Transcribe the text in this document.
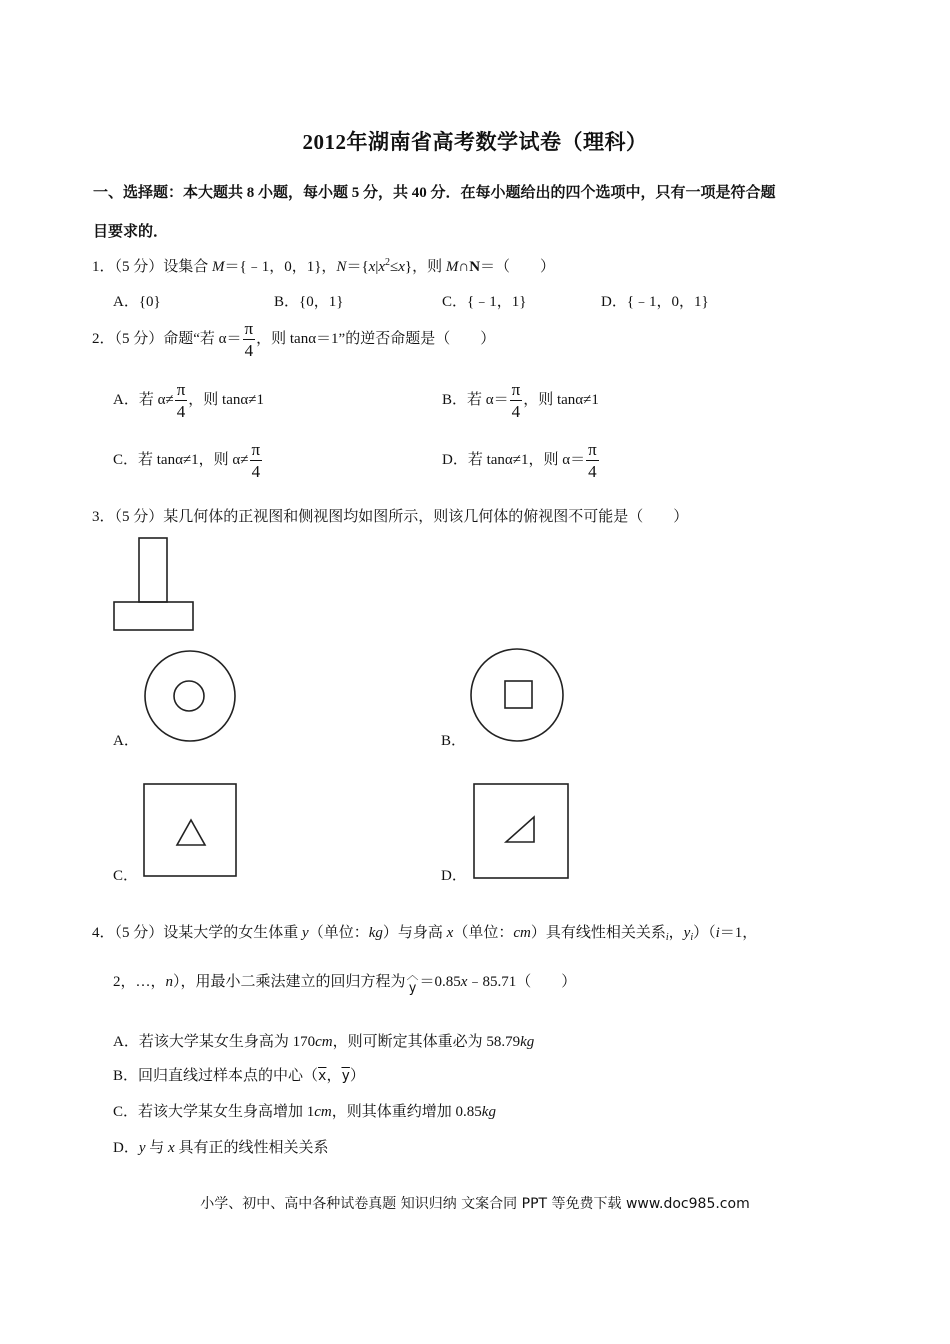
2012年湖南省高考数学试卷（理科）
一、选择题：本大题共 8 小题，每小题 5 分，共 40 分．在每小题给出的四个选项中，只有一项是符合题
目要求的．
1．（5 分）设集合 M＝{﹣1，0，1}，$N=\{x|x^2\le x\}$，则 M∩N＝（　　）
A．{0}	B．{0，1}	C．{﹣1，1}	D．{﹣1，0，1}
2．（5 分）命题“若 $\alpha= \frac{\pi}{4}$ ，则 tanα＝1”的逆否命题是（　　）
A．若 $\alpha\ne \frac{\pi}{4}$ ，则 tanα≠1	B．若 $\alpha= \frac{\pi}{4}$ ，则 tanα≠1
C．若 tanα≠1，则 $\alpha\ne \frac{\pi}{4}$	D．若 tanα≠1，则 $\alpha= \frac{\pi}{4}$
3．（5 分）某几何体的正视图和侧视图均如图所示，则该几何体的俯视图不可能是（　　）
A．	B．
C．	D．
4．（5 分）设某大学的女生体重 y（单位：kg）与身高 x（单位：cm）具有线性相关关系$_i$，$y_i)(i=1$，
2，…，n），用最小二乘法建立的回归方程为 ︿
y ＝0.85x﹣85.71（　　）
A．若该大学某女生身高为 170cm，则可断定其体重必为 58.79kg
B．回归直线过样本点的中心（$\overline{x}$，$\overline{y}$）
C．若该大学某女生身高增加 1cm，则其体重约增加 0.85kg
D．y 与 x 具有正的线性相关关系
小学、初中、高中各种试卷真题 知识归纳 文案合同 PPT 等免费下载 www.doc985.com
